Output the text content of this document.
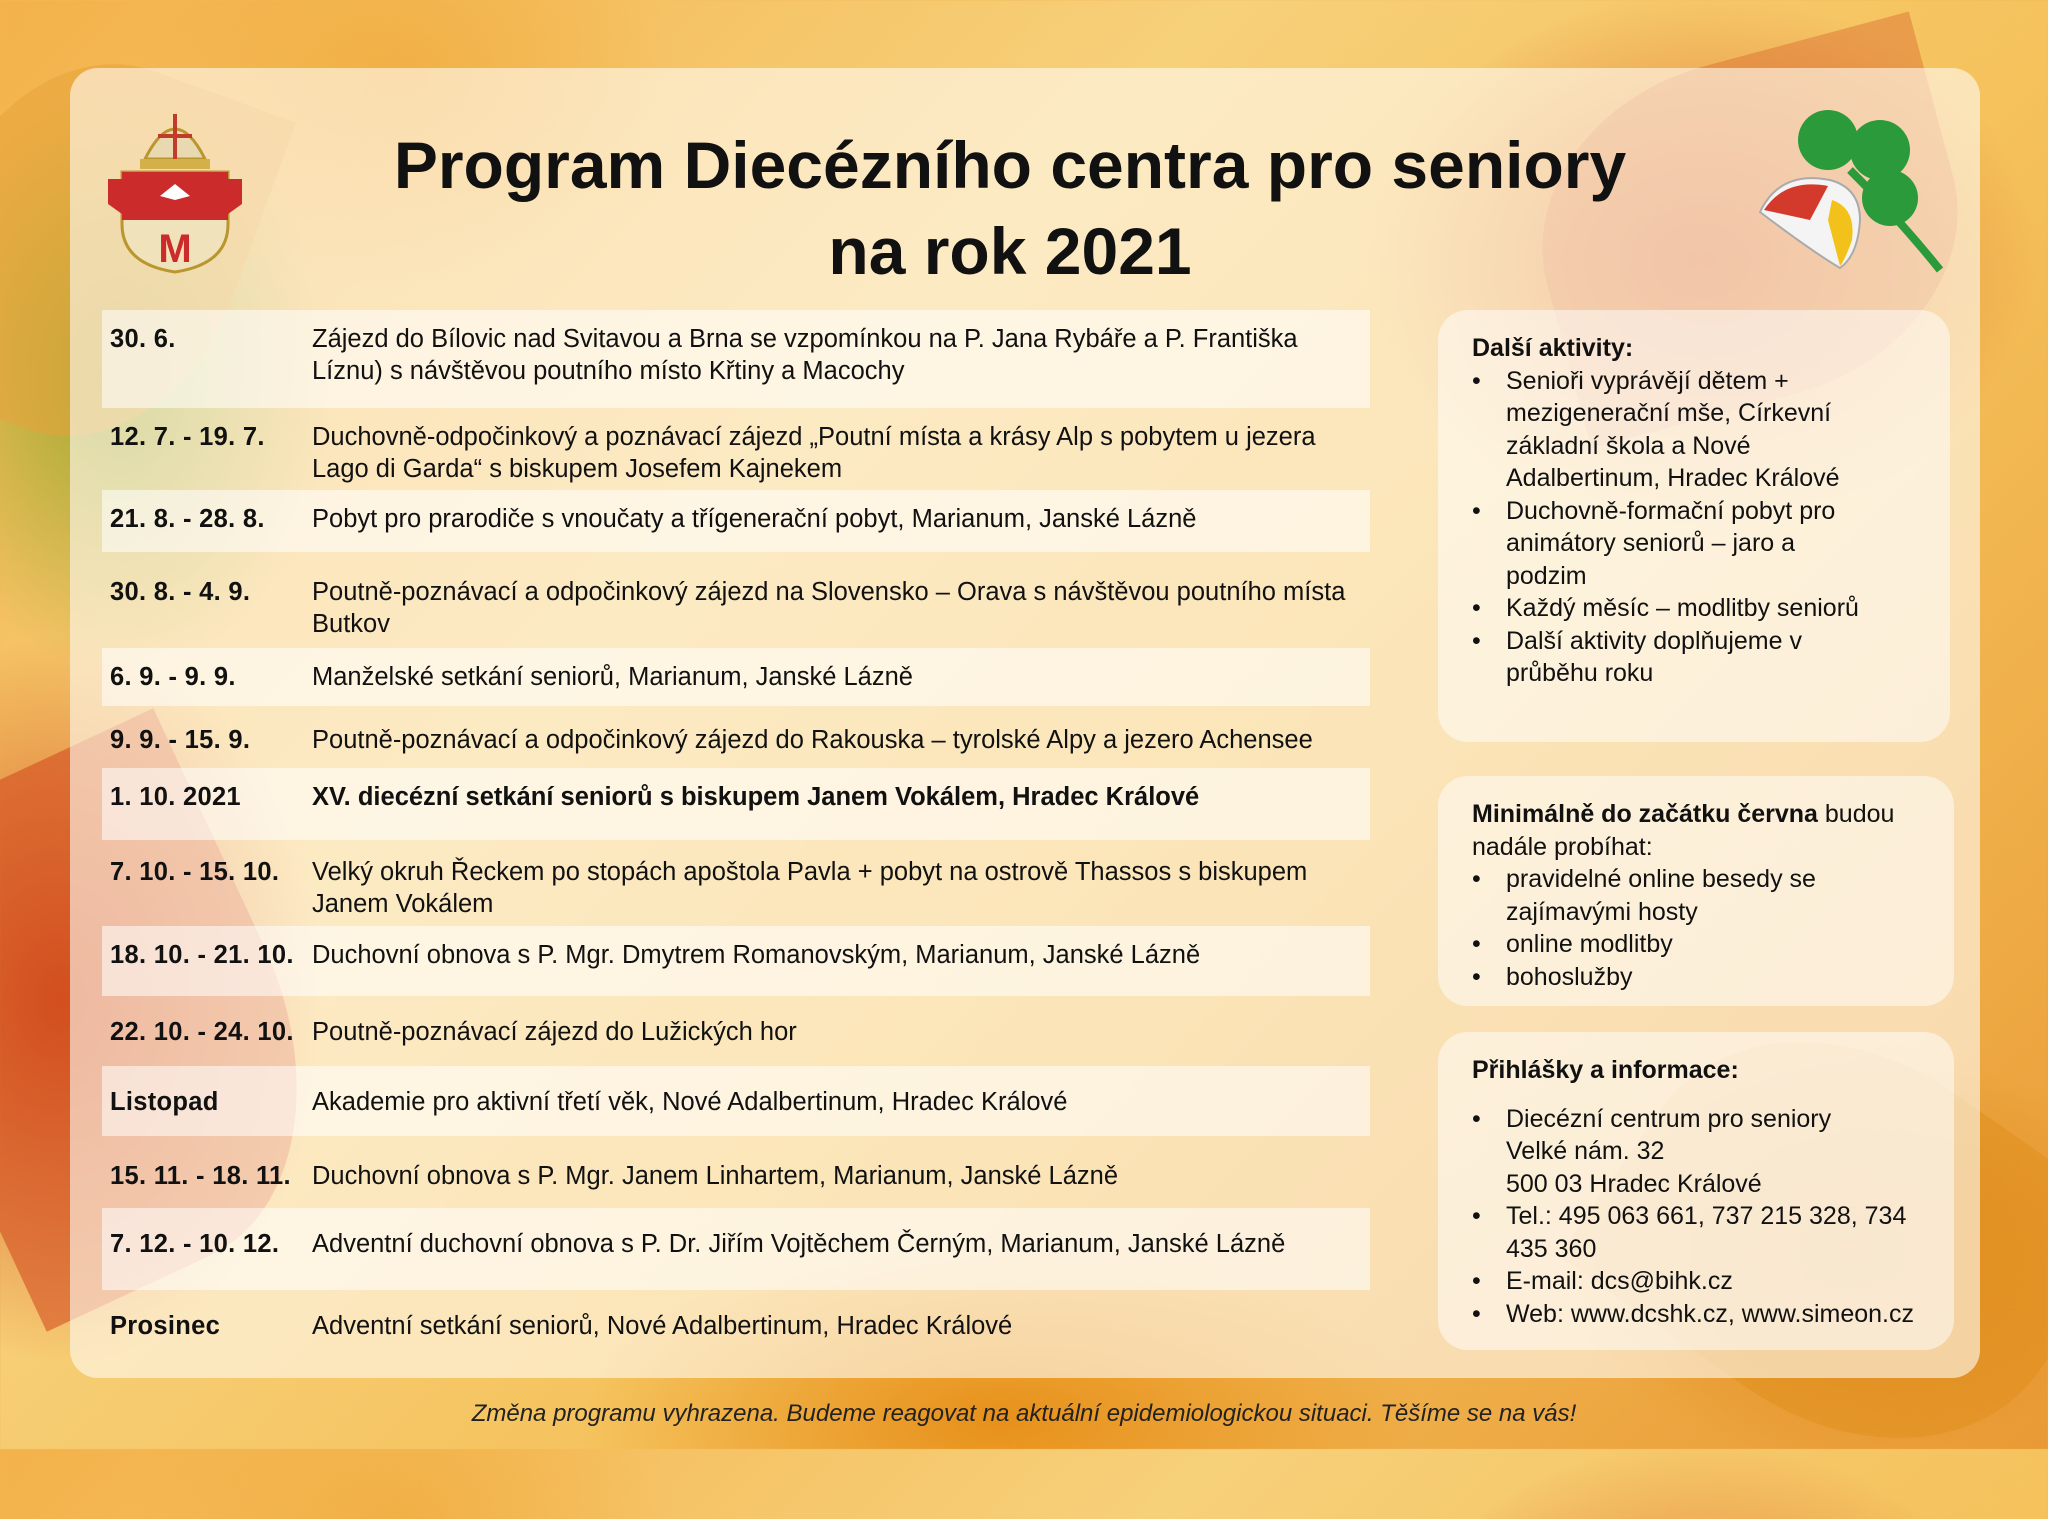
M
Program Diecézního centra pro seniory
na rok 2021
30. 6.	Zájezd do Bílovic nad Svitavou a Brna se vzpomínkou na P. Jana Rybáře a P. Františka Líznu) s návštěvou poutního místo Křtiny a Macochy
12. 7. - 19. 7.	Duchovně-odpočinkový a poznávací zájezd „Poutní místa a krásy Alp s pobytem u jezera Lago di Garda“ s biskupem Josefem Kajnekem
21. 8. - 28. 8.	Pobyt pro prarodiče s vnoučaty a třígenerační pobyt, Marianum, Janské Lázně
30. 8. - 4. 9.	Poutně-poznávací a odpočinkový zájezd na Slovensko – Orava s návštěvou poutního místa Butkov
6. 9. - 9. 9.	Manželské setkání seniorů, Marianum, Janské Lázně
9. 9. - 15. 9.	Poutně-poznávací a odpočinkový zájezd do Rakouska – tyrolské Alpy a jezero Achensee
1. 10. 2021	XV. diecézní setkání seniorů s biskupem Janem Vokálem, Hradec Králové
7. 10. - 15. 10.	Velký okruh Řeckem po stopách apoštola Pavla + pobyt na ostrově Thassos s biskupem Janem Vokálem
18. 10. - 21. 10. Duchovní obnova s P. Mgr. Dmytrem Romanovským, Marianum, Janské Lázně
22. 10. - 24. 10. Poutně-poznávací zájezd do Lužických hor
Listopad	Akademie pro aktivní třetí věk, Nové Adalbertinum, Hradec Králové
15. 11. - 18. 11. Duchovní obnova s P. Mgr. Janem Linhartem, Marianum, Janské Lázně
7. 12. - 10. 12.	Adventní duchovní obnova s P. Dr. Jiřím Vojtěchem Černým, Marianum, Janské Lázně
Prosinec	Adventní setkání seniorů, Nové Adalbertinum, Hradec Králové
Další aktivity:
• Senioři vyprávějí dětem + mezigenerační mše, Církevní základní škola a Nové Adalbertinum, Hradec Králové
• Duchovně-formační pobyt pro animátory seniorů – jaro a podzim
• Každý měsíc – modlitby seniorů
• Další aktivity doplňujeme v průběhu roku
Minimálně do začátku června budou nadále probíhat:
• pravidelné online besedy se zajímavými hosty
• online modlitby
• bohoslužby
Přihlášky a informace:
• Diecézní centrum pro seniory
Velké nám. 32
500 03 Hradec Králové
• Tel.: 495 063 661, 737 215 328, 734 435 360
• E-mail: dcs@bihk.cz
• Web: www.dcshk.cz, www.simeon.cz
Změna programu vyhrazena. Budeme reagovat na aktuální epidemiologickou situaci. Těšíme se na vás!
